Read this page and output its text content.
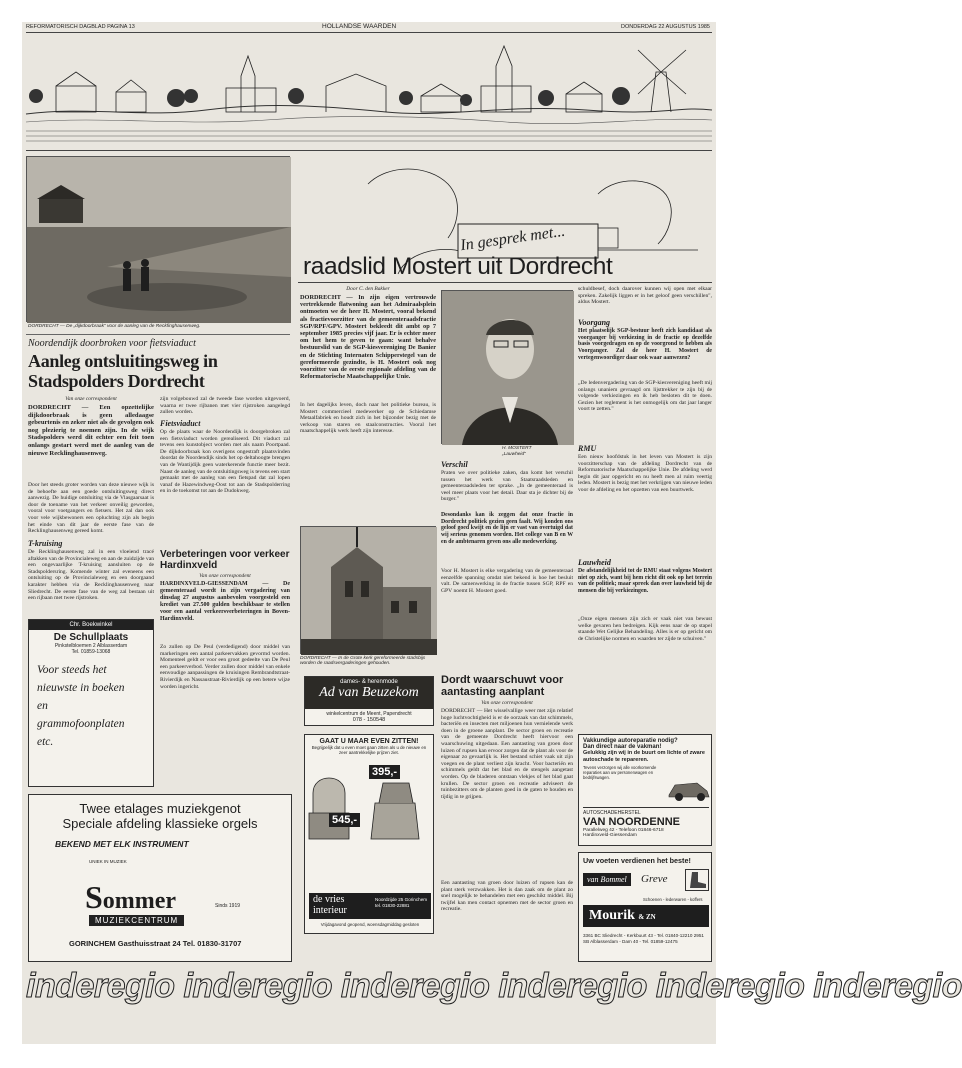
REFORMATORISCH DAGBLAD PAGINA 13	HOLLANDSE WAARDEN	DONDERDAG 22 AUGUSTUS 1985
DORDRECHT — De „dijkdoorbraak" voor de aanleg van de Reckfinghausenweg.
Noordendijk doorbroken voor fietsviaduct
Aanleg ontsluitingsweg in
Stadspolders Dordrecht
Van onze correspondent
DORDRECHT — Een opzettelijke dijkdoorbraak is geen alledaagse gebeurtenis en zeker niet als de gevolgen ook nog plezierig te noemen zijn. In de wijk Stadspolders werd dit echter een feit toen onlangs gestart werd met de aanleg van de nieuwe Recklinghausenweg.
Door het steeds groter worden van deze nieuwe wijk is de behoefte aan een goede ontsluitingsweg direct aanwezig. De huidige ontsluiting via de Vlasgaarsaat is door de toename van het verkeer onveilig geworden, vooral voor voetgangers en fietsers. Het zal dan ook voor vele wijkbewoners een opluchting zijn als begin het einde van dit jaar de eerste fase van de Recklinghausenweg gereed komt.
T-kruising
De Recklinghausenweg zal in een vloeiend tracé aftakken van de Provincialeweg en aan de zuidzijde van een ongevaarlijke T-kruising aansluiten op de Stadspoldersring. Komende winter zal eveneens een ontsluiting op de Provincialeweg en een doorgaand karakter hebben via de Recklinghausenweg naar Sliedrecht. De eerste fase van de weg zal bestaan uit een rijbaan met twee rijstroken.
zijn volgebouwd zal de tweede fase worden uitgevoerd, waarna er twee rijbanen met vier rijstroken aangelegd zullen worden.
Fietsviaduct
Op de plaats waar de Noordendijk is doorgebroken zal een fietsviaduct worden gerealiseerd. Dit viaduct zal tevens een kunstobject worden met als naam Poortpaad. De dijkdoorbraak kon overigens ongestraft plaatsvinden doordat de Noordendijk sinds het op deltahoogte brengen van de Wantijdijk geen waterkerende functie meer bezit. Naast de aanleg van de ontsluitingsweg is tevens een start gemaakt met de aanleg van een fietspad dat zal lopen vanaf de Hazewindweg-Oost tot aan de Stadspolderring en in de toekomst tot aan de Dudokweg.
Verbeteringen voor verkeer Hardinxveld
Van onze correspondent
HARDINXVELD-GIESSENDAM — De gemeenteraad wordt in zijn vergadering van dinsdag 27 augustus aanbevolen voorgesteld een krediet van 27.500 gulden beschikbaar te stellen voor een aantal verkeersverbeteringen in Boven-Hardinxveld.
Zo zullen op De Peul (verdedigend) door middel van markeringen een aantal parkeervakken gevormd worden. Momenteel geldt er voor een groot gedeelte van De Peul een parkeerverbod. Verder zullen door middel van enkele eenvoudige aanpassingen de kruisingen Rembrandtstraat-Rivierdijk en Nassaustraat-Rivierdijk op een betere wijze worden ingericht.
Chr. Boekwinkel
De Schullplaats
Pinkstelbloemen 2 Alblasserdam
Tel. 01859-13068
Voor steeds het
nieuwste in boeken
en
grammofoonplaten
etc.
Twee etalages muziekgenot
Speciale afdeling klassieke orgels
BEKEND MET ELK INSTRUMENT
UNIEK IN MUZIEK
Sommer
MUZIEKCENTRUM
Sinds 1919
GORINCHEM Gasthuisstraat 24 Tel. 01830-31707
In gesprek met...
raadslid Mostert uit Dordrecht
Door C. den Bakker
DORDRECHT — In zijn eigen vertrouwde vertrekkende flatwoning aan het Admiraalsplein ontmoeten we de heer H. Mostert, vooral bekend als fractievoorzitter van de gemeenteraadsfractie SGP/RPF/GPV. Mostert bekleedt dit ambt op 7 september 1985 precies vijf jaar. Er is echter meer om het hem te geven te gaan: want behalve bestuurslid van de SGP-kiesvereniging De Banier en de Stichting Internaten Schipperstegel van de gereformeerde gezindte, is H. Mostert ook nog voorzitter van de eerste regionale afdeling van de Reformatorische Maatschappelijke Unie.
In het dagelijks leven, doch naar het politieke bureau, is Mostert commercieel medewerker op de Schiedamse Metaalfabriek en houdt zich in het bijzonder bezig met de verkoop van staren en staalconstructies. Vooral het maatschappelijk werk heeft zijn interesse.
H. MOSTERT
„Lauwheid"
Verschil
Praten we over politieke zaken, dan komt het verschil tussen het werk van Staatsraadsleden en gemeenteraadsleden ter sprake. „In de gemeenteraad is veel meer plaats voor het detail. Daar sta je dichter bij de burger."
Desondanks kan ik zeggen dat onze fractie in Dordrecht politiek gezien geen faalt. Wij konden ons geloof goed kwijt en de lijn er vast van overtuigd dat wij serieus genomen worden. Het college van B en W en de ambtenaren geven ons alle medewerking.
Voor H. Mostert is elke vergadering van de gemeenteraad eenzelfde spanning omdat niet bekend is hoe het besluit valt. De samenwerking in de fractie tussen SGP, RPF en GPV noemt H. Mostert goed.
DORDRECHT — In de Grote kerk gereformeerde stadsbijs worden de raadsvergaderingen gehouden.
schuldbesef, doch daarover kunnen wij open met elkaar spreken. Zakelijk liggen er in het geloof geen verschillen", aldus Mostert.
Voorgang
Het plaatselijk SGP-bestuur heeft zich kandidaat als voorganger bij verkiezing in de fractie op dezelfde basis voorgedragen en op de voorgrond te hebben als Voorganger. Zal de heer H. Mostert de vertegenwoordiger daar ook waar aanwezen?
„De ledenvergadering van de SGP-kiesvereniging heeft mij onlangs unaniem gevraagd om lijsttrekker te zijn bij de volgende verkiezingen en ik heb besloten dit te doen. Gezien het reglement is het onmogelijk om dat jaar langer voort te zetten."
RMU
Een nieuw hoofdstuk in het leven van Mostert is zijn voorzitterschap van de afdeling Dordrecht van de Reformatorische Maatschappelijke Unie. De afdeling werd begin dit jaar opgericht en nu heeft men al ruim veertig leden. Mostert is bezig met het verkrijgen van nieuwe leden voor de afdeling en het opzetten van een buurtwerk.
Lauwheid
De afstandelijkheid tot de RMU staat volgens Mostert niet op zich, want bij hem richt dit ook op het terrein van de politiek; maar spreek dan over lauwheid bij de mensen die bij verkiezingen.
„Onze eigen mensen zijn zich er vaak niet van bewust welke gevaren hen bedreigen. Kijk eens naar de op stapel staande Wet Gelijke Behandeling. Alles is er op gericht om de Christelijke normen en waarden ter zijde te schuiven."
dames- & herenmode
Ad van Beuzekom
winkelcentrum de Meent, Papendrecht
078 - 150548
GAAT U MAAR EVEN ZITTEN!
Begrijpelijk dat u even moet gaan zitten als u de nieuwe en zeer aantrekkelijke prijzen ziet.
395,-
545,-
de vries
interieur
Noordzijde 25 Gorinchem tel. 01830-22881
Vrijdagavond geopend, woensdagmiddag gesloten
Dordt waarschuwt voor
aantasting aanplant
Van onze correspondent
DORDRECHT — Het wisselvallige weer met zijn relatief hoge luchtvochtigheid is er de oorzaak van dat schimmels, bacteriën en insecten met miljoenen hun vernielende werk doen in de groene aanplant. De sector groen en recreatie van de gemeente Dordrecht heeft hiervoor een waarschuwing uitgedaan. Een aantasting van groen door luizen of rupsen kan ervoor zorgen dat de plant als voor de eigenaar zo gevaarlijk is. Het bestand schiet vaak uit zijn voegen en de plant verliest zijn kracht. Voor bacteriën en schimmels geldt dat het blad en de stengels aangetast worden. Op de bladeren ontstaan vlekjes of het blad gaat krullen. De sector groen en recreatie adviseert de tuinbezitters om de planten goed in de gaten te houden en tijdig in te grijpen.
Een aantasting van groen door luizen of rupsen kan de plant sterk verzwakken. Het is dan zaak om de plant zo snel mogelijk te behandelen met een geschikt middel. Bij twijfel kan men contact opnemen met de sector groen en recreatie.
Vakkundige autoreparatie nodig?
Dan direct naar de vakman!
Gelukkig zijn wij in de buurt om lichte of zware autoschade te repareren.
Tevens verzorgen wij alle voorkomende reparaties aan uw personenwagen en bedrijfswagen.
AUTOSCHADEHERSTEL
VAN NOORDENNE
Parallelweg 42 - Telefoon 01846-6718
Hardinxveld-Giessendam
Uw voeten verdienen het beste!
van Bommel	Greve
Mourik & ZN
Schoenen - lederwaren - koffers
3361 BC Sliedrecht - Kerkbuurt 43 - Tel. 01840-12210 2951 SB Alblasserdam - Dam 40 - Tel. 01859-12475
inderegio inderegio inderegio inderegio inderegio inderegio
